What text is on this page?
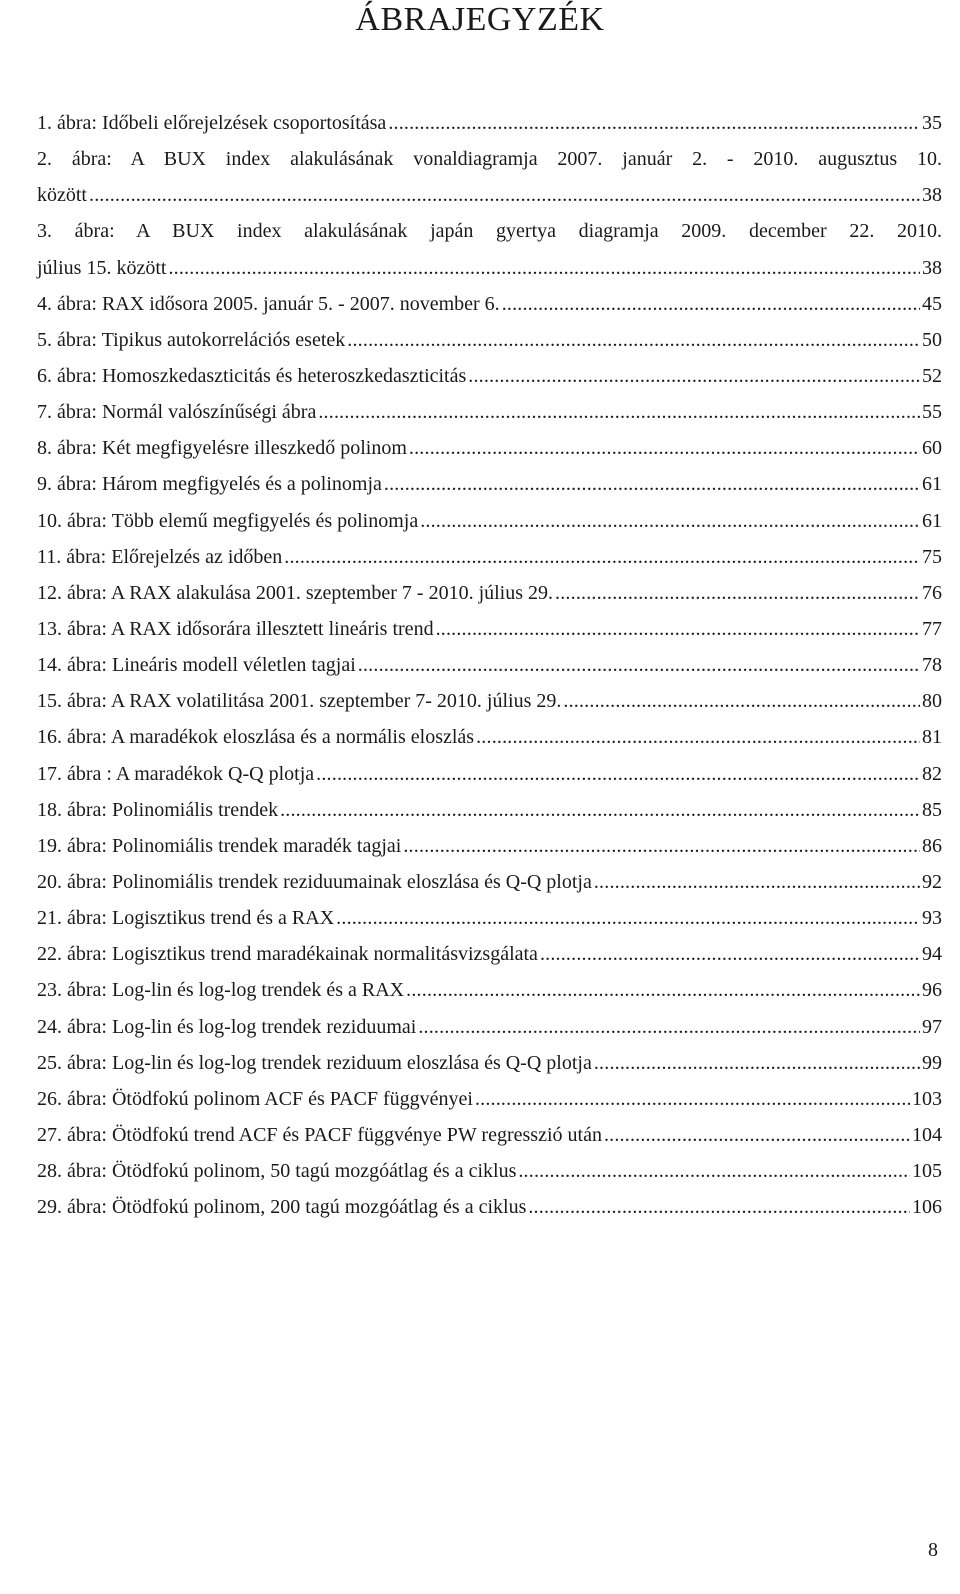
ÁBRAJEGYZÉK
1. ábra: Időbeli előrejelzések csoportosítása .....	35
2. ábra: A BUX index alakulásának vonaldiagramja 2007. január 2. - 2010. augusztus 10.
között .....	38
3. ábra: A BUX index alakulásának japán gyertya diagramja 2009. december 22. 2010.
július 15. között .....	38
4. ábra: RAX idősora 2005. január 5. - 2007. november 6. .....	45
5. ábra: Tipikus autokorrelációs esetek .....	50
6. ábra: Homoszkedaszticitás és heteroszkedaszticitás .....	52
7. ábra: Normál valószínűségi ábra .....	55
8. ábra: Két megfigyelésre illeszkedő polinom .....	60
9. ábra: Három megfigyelés és a polinomja .....	61
10. ábra: Több elemű megfigyelés és polinomja .....	61
11. ábra: Előrejelzés az időben .....	75
12. ábra: A RAX alakulása 2001. szeptember 7 - 2010. július 29. .....	76
13. ábra: A RAX idősorára illesztett lineáris trend .....	77
14. ábra: Lineáris modell véletlen tagjai .....	78
15. ábra: A RAX volatilitása 2001. szeptember 7- 2010. július 29. .....	80
16. ábra: A maradékok eloszlása és a normális eloszlás .....	81
17. ábra : A maradékok Q-Q plotja .....	82
18. ábra: Polinomiális trendek .....	85
19. ábra: Polinomiális trendek maradék tagjai .....	86
20. ábra: Polinomiális trendek reziduumainak eloszlása és Q-Q plotja .....	92
21. ábra: Logisztikus trend és a RAX .....	93
22. ábra: Logisztikus trend maradékainak normalitásvizsgálata .....	94
23. ábra: Log-lin és log-log trendek és a RAX .....	96
24. ábra: Log-lin és log-log trendek reziduumai .....	97
25. ábra: Log-lin és log-log trendek reziduum eloszlása és Q-Q plotja .....	99
26. ábra: Ötödfokú polinom ACF és PACF függvényei .....	103
27. ábra: Ötödfokú trend ACF és PACF függvénye PW regresszió után .....	104
28. ábra: Ötödfokú polinom, 50 tagú mozgóátlag és a ciklus .....	105
29. ábra: Ötödfokú polinom, 200 tagú mozgóátlag és a ciklus .....	106
8
